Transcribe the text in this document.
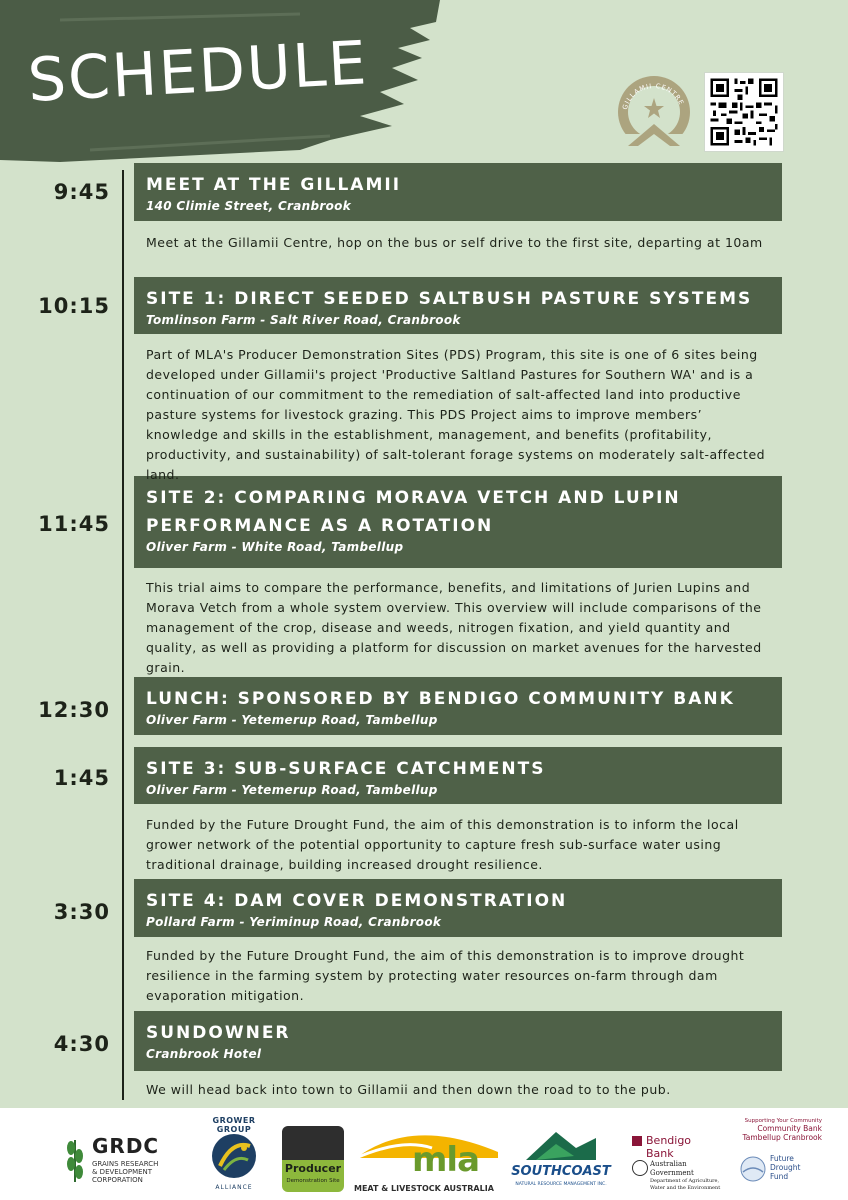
SCHEDULE	GILLAMII CENTRE
9:45
10:15
11:45
12:30
1:45
3:30
4:30
MEET AT THE GILLAMII
140 Climie Street, Cranbrook
SITE 1: DIRECT SEEDED SALTBUSH PASTURE SYSTEMS
Tomlinson Farm - Salt River Road, Cranbrook
SITE 2: COMPARING MORAVA VETCH AND LUPIN PERFORMANCE AS A ROTATION
Oliver Farm - White Road, Tambellup
LUNCH: SPONSORED BY BENDIGO COMMUNITY BANK
Oliver Farm - Yetemerup Road, Tambellup
SITE 3: SUB-SURFACE CATCHMENTS
Oliver Farm - Yetemerup Road, Tambellup
SITE 4: DAM COVER DEMONSTRATION
Pollard Farm - Yeriminup Road, Cranbrook
SUNDOWNER
Cranbrook Hotel
Meet at the Gillamii Centre, hop on the bus or self drive to the first site, departing at 10am
Part of MLA's Producer Demonstration Sites (PDS) Program, this site is one of 6 sites being developed under Gillamii's project 'Productive Saltland Pastures for Southern WA' and is a continuation of our commitment to the remediation of salt-affected land into productive pasture systems for livestock grazing. This PDS Project aims to improve members’ knowledge and skills in the establishment, management, and benefits (profitability, productivity, and sustainability) of salt-tolerant forage systems on moderately salt-affected land.
This trial aims to compare the performance, benefits, and limitations of Jurien Lupins and Morava Vetch from a whole system overview. This overview will include comparisons of the management of the crop, disease and weeds, nitrogen fixation, and yield quantity and quality, as well as providing a platform for discussion on market avenues for the harvested grain.
Funded by the Future Drought Fund, the aim of this demonstration is to inform the local grower network of the potential opportunity to capture fresh sub-surface water using traditional drainage, building increased drought resilience.
Funded by the Future Drought Fund, the aim of this demonstration is to improve drought resilience in the farming system by protecting water resources on-farm through dam evaporation mitigation.
We will head back into town to Gillamii and then down the road to to the pub.
GRDC
GRAINS RESEARCH
& DEVELOPMENT
CORPORATION
GROWER GROUP
ALLIANCE
Producer
Demonstration Site
mla
MEAT & LIVESTOCK AUSTRALIA
SOUTHCOAST
NATURAL RESOURCE MANAGEMENT INC.
Bendigo Bank
Australian Government
Department of Agriculture,
Water and the Environment
Supporting Your Community
Community Bank
Tambellup Cranbrook
Future
Drought
Fund
